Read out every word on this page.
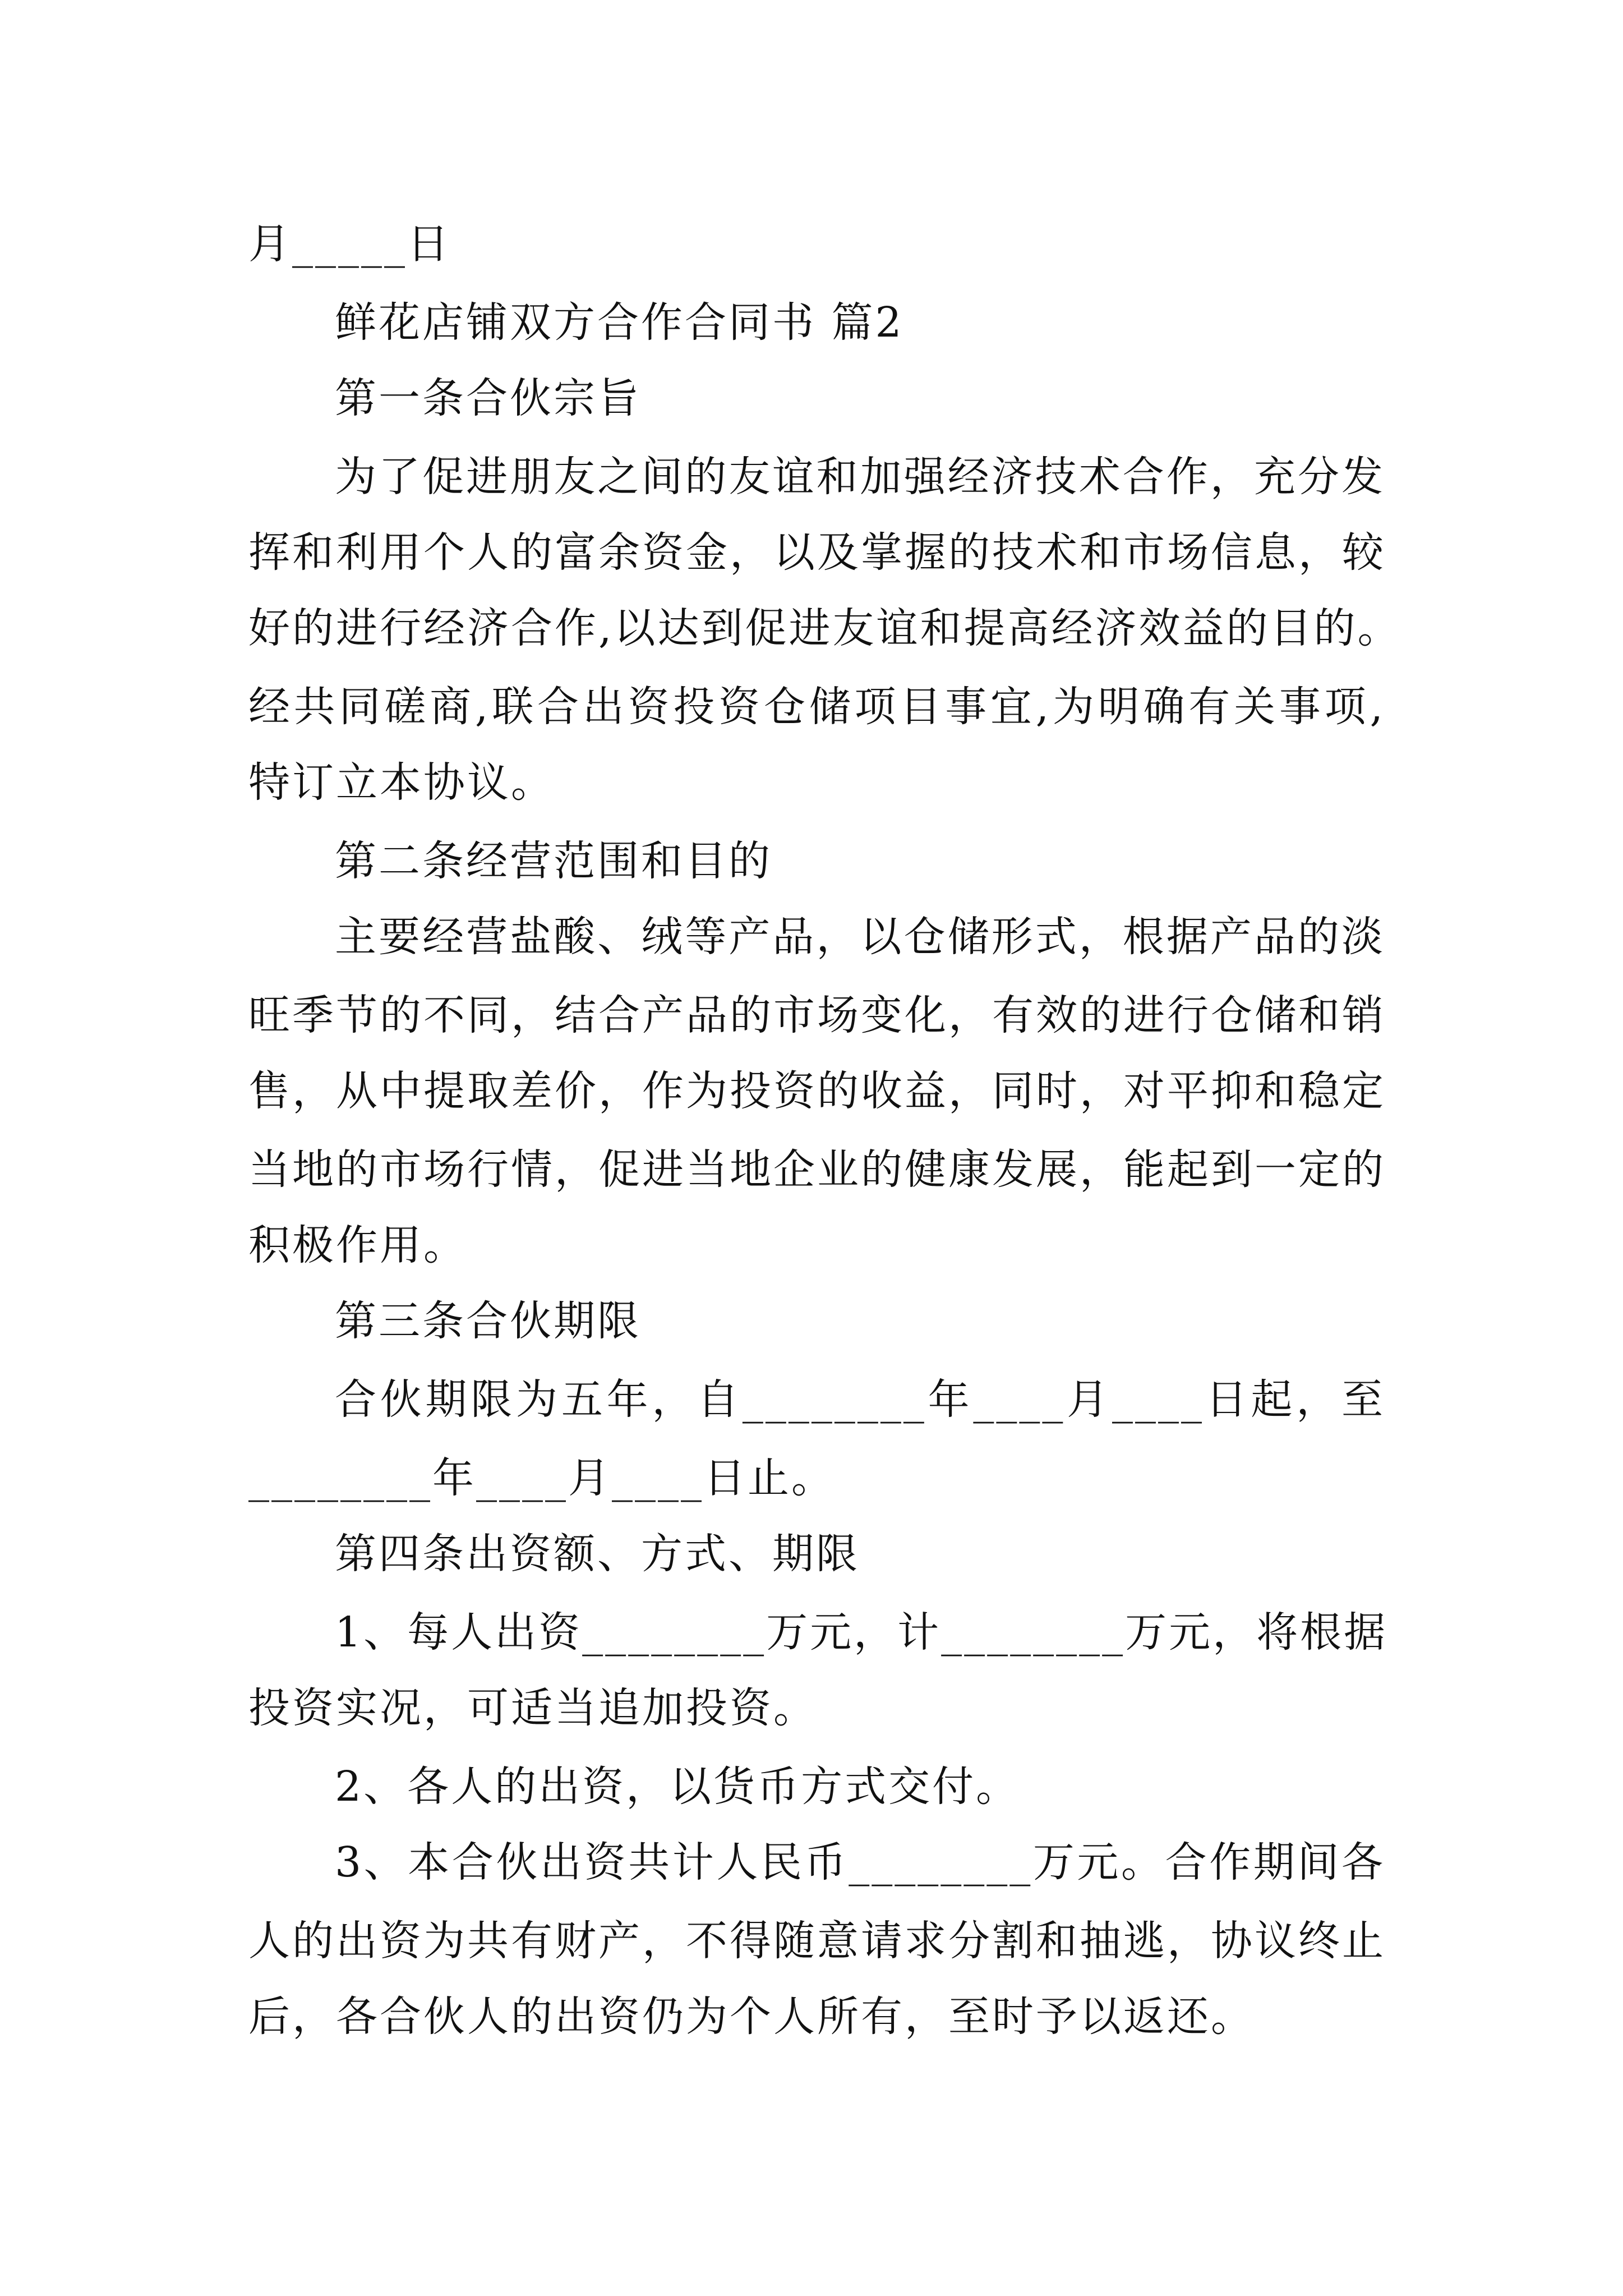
月_____日
鲜花店铺双方合作合同书 篇2
第一条合伙宗旨
为了促进朋友之间的友谊和加强经济技术合作，充分发
挥和利用个人的富余资金，以及掌握的技术和市场信息，较
好的进行经济合作,以达到促进友谊和提高经济效益的目的。
经共同磋商,联合出资投资仓储项目事宜,为明确有关事项,
特订立本协议。
第二条经营范围和目的
主要经营盐酸、绒等产品，以仓储形式，根据产品的淡
旺季节的不同，结合产品的市场变化，有效的进行仓储和销
售，从中提取差价，作为投资的收益，同时，对平抑和稳定
当地的市场行情，促进当地企业的健康发展，能起到一定的
积极作用。
第三条合伙期限
合伙期限为五年，自________年____月____日起，至
________年____月____日止。
第四条出资额、方式、期限
1、每人出资________万元，计________万元，将根据
投资实况，可适当追加投资。
2、各人的出资，以货币方式交付。
3、本合伙出资共计人民币________万元。合作期间各
人的出资为共有财产，不得随意请求分割和抽逃，协议终止
后，各合伙人的出资仍为个人所有，至时予以返还。
